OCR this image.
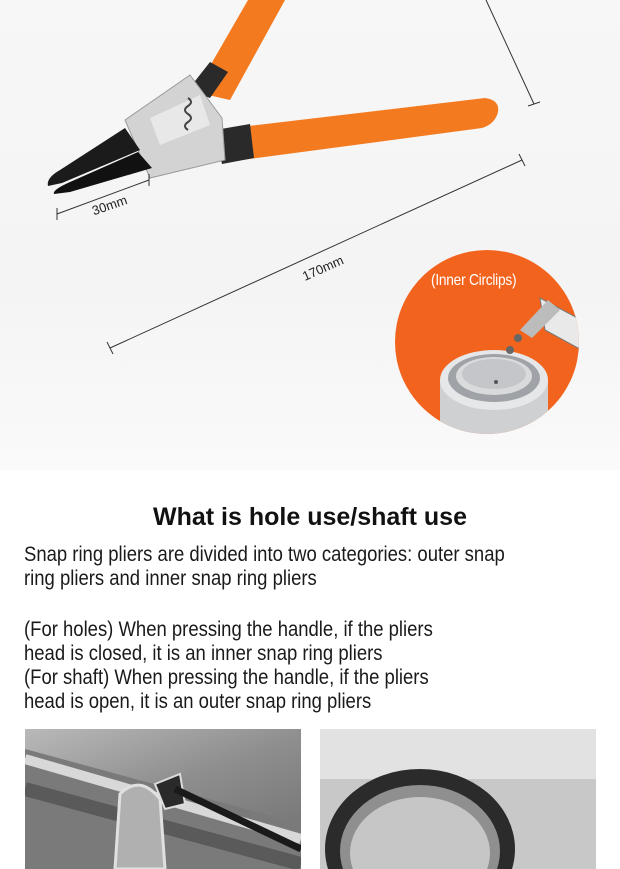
30mm
170mm	(Inner Circlips)
What is hole use/shaft use
Snap ring pliers are divided into two categories: outer snap
ring pliers and inner snap ring pliers
(For holes) When pressing the handle, if the pliers
head is closed, it is an inner snap ring pliers
(For shaft) When pressing the handle, if the pliers
head is open, it is an outer snap ring pliers
